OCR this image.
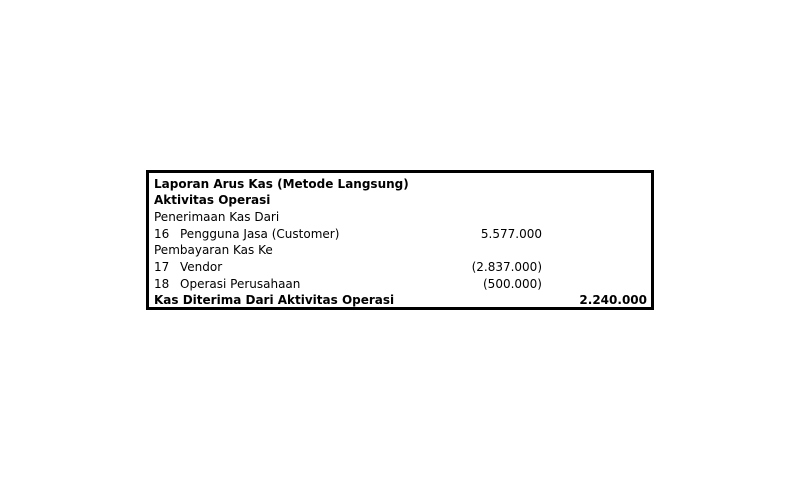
Laporan Arus Kas (Metode Langsung)
Aktivitas Operasi
Penerimaan Kas Dari
16 Pengguna Jasa (Customer)	5.577.000
Pembayaran Kas Ke
17 Vendor	(2.837.000)
18 Operasi Perusahaan	(500.000)
Kas Diterima Dari Aktivitas Operasi	2.240.000
